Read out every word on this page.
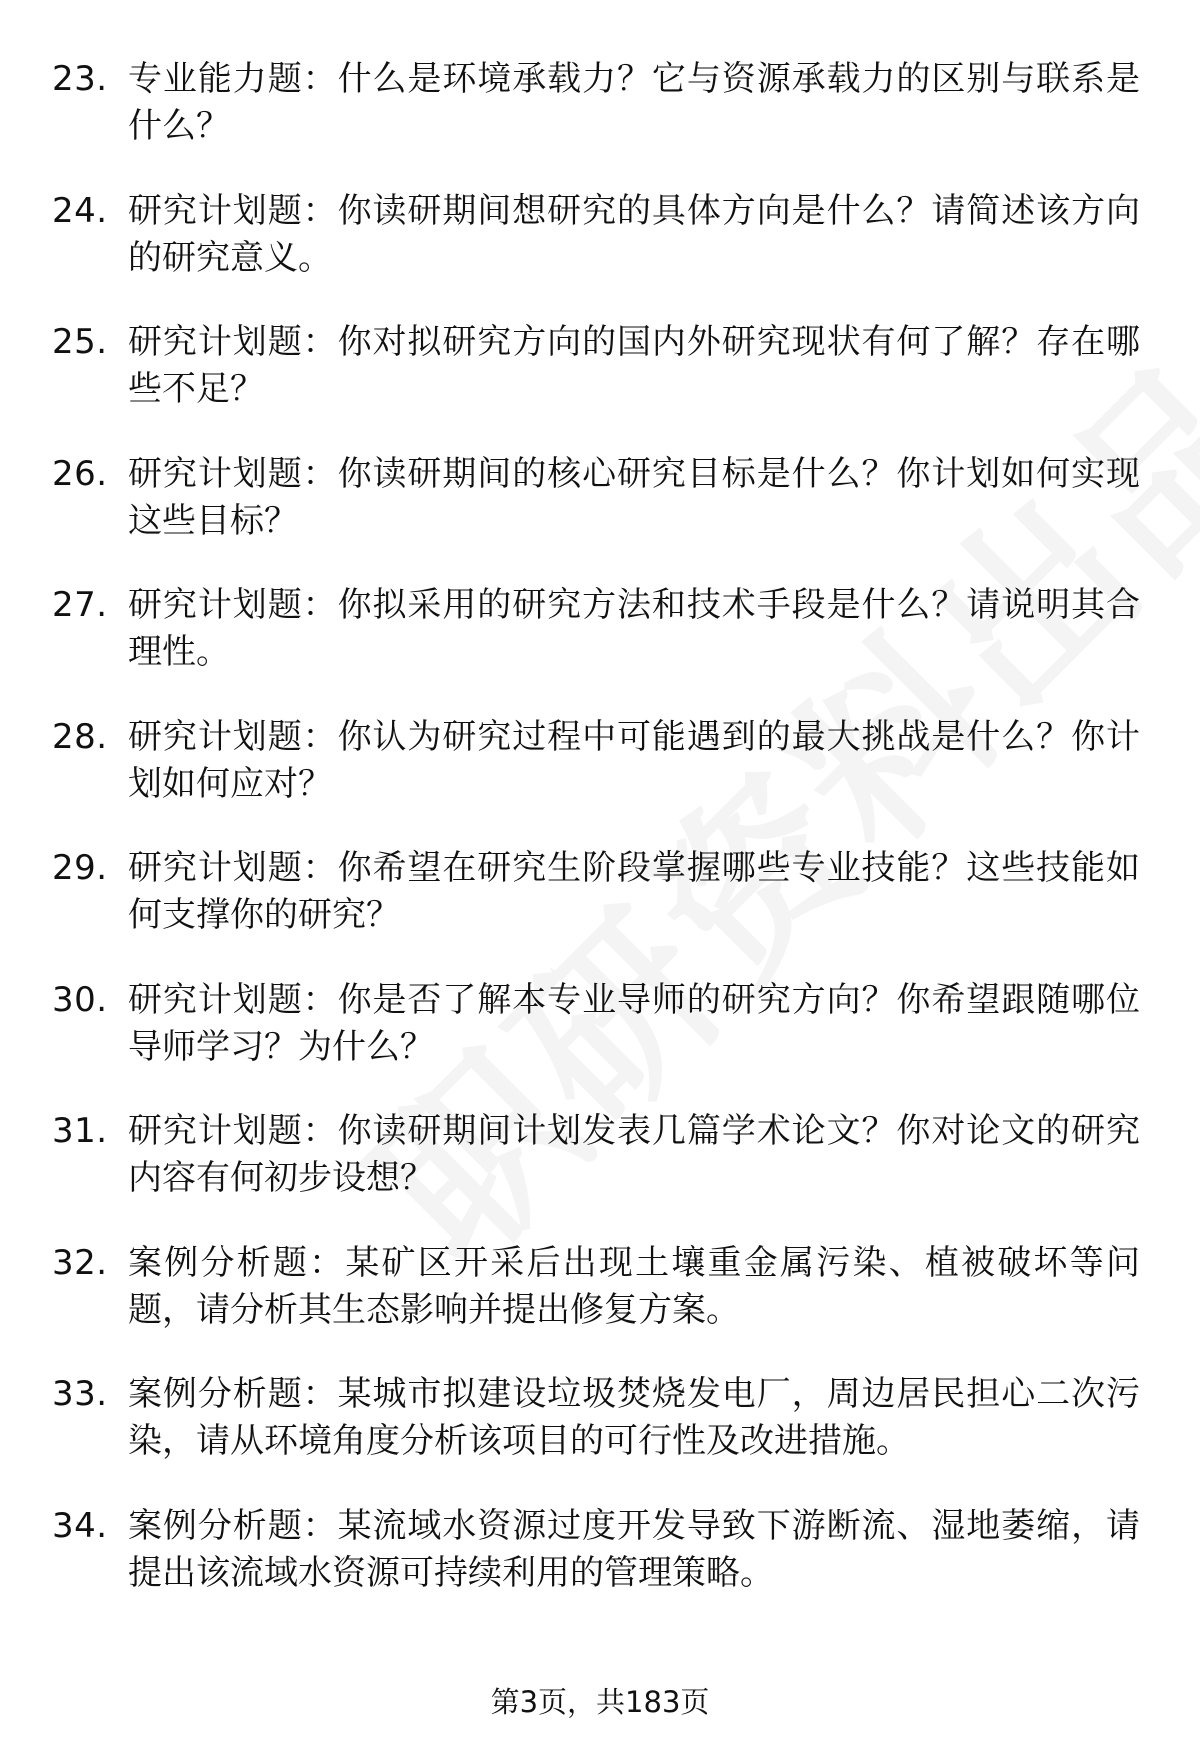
23. 专业能力题：什么是环境承载力？它与资源承载力的区别与联系是什么？
24. 研究计划题：你读研期间想研究的具体方向是什么？请简述该方向的研究意义。
25. 研究计划题：你对拟研究方向的国内外研究现状有何了解？存在哪些不足？
26. 研究计划题：你读研期间的核心研究目标是什么？你计划如何实现这些目标？
27. 研究计划题：你拟采用的研究方法和技术手段是什么？请说明其合理性。
28. 研究计划题：你认为研究过程中可能遇到的最大挑战是什么？你计划如何应对？
29. 研究计划题：你希望在研究生阶段掌握哪些专业技能？这些技能如何支撑你的研究？
30. 研究计划题：你是否了解本专业导师的研究方向？你希望跟随哪位导师学习？为什么？
31. 研究计划题：你读研期间计划发表几篇学术论文？你对论文的研究内容有何初步设想？
32. 案例分析题：某矿区开采后出现土壤重金属污染、植被破坏等问题，请分析其生态影响并提出修复方案。
33. 案例分析题：某城市拟建设垃圾焚烧发电厂，周边居民担心二次污染，请从环境角度分析该项目的可行性及改进措施。
34. 案例分析题：某流域水资源过度开发导致下游断流、湿地萎缩，请提出该流域水资源可持续利用的管理策略。
第3页，共183页
